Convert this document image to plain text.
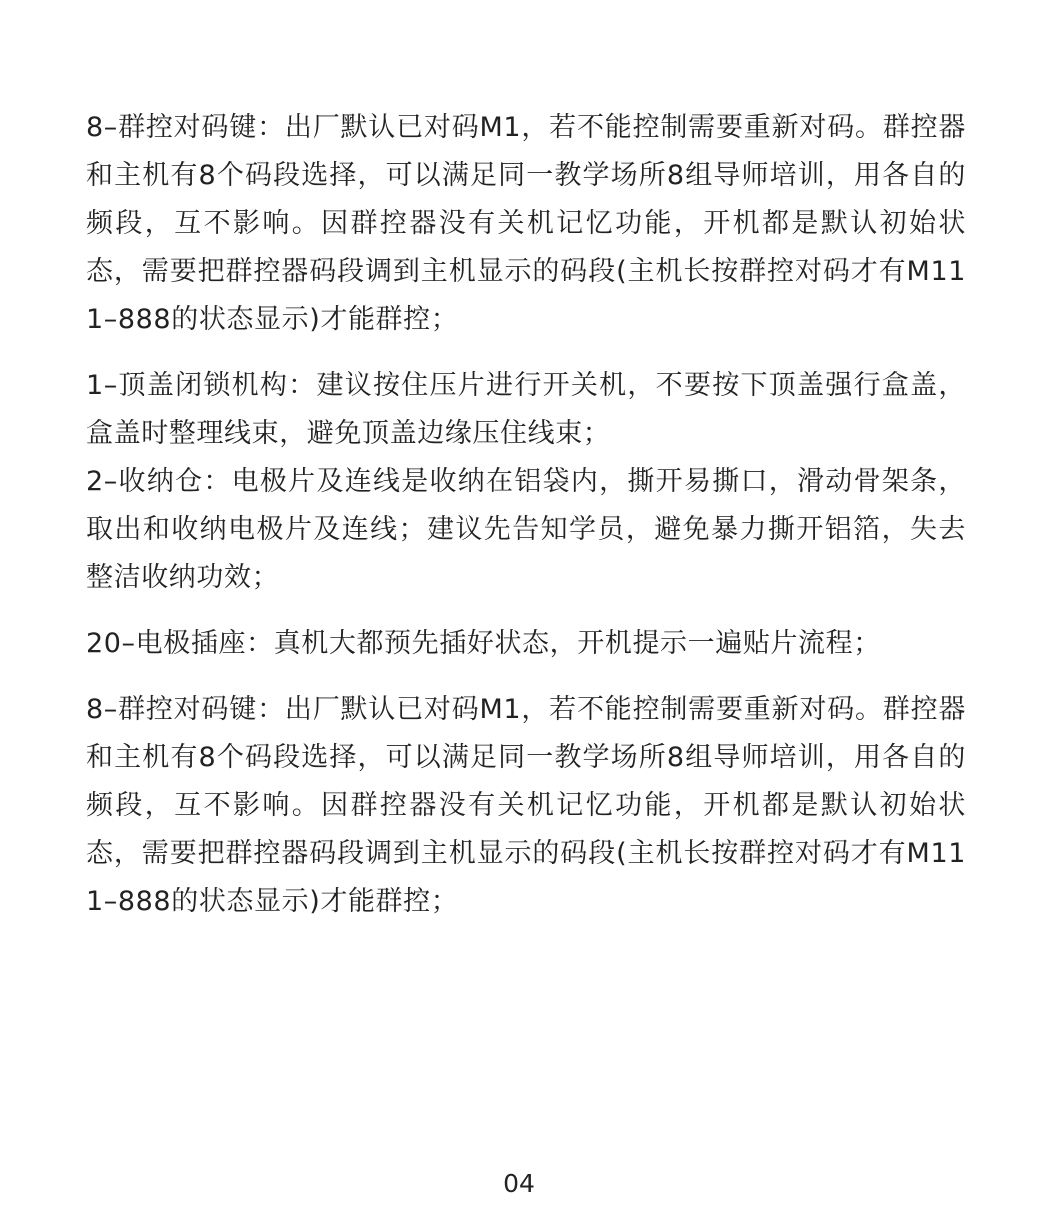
8–群控对码键：出厂默认已对码M1，若不能控制需要重新对码。群控器和主机有8个码段选择，可以满足同一教学场所8组导师培训，用各自的频段，互不影响。因群控器没有关机记忆功能，开机都是默认初始状态，需要把群控器码段调到主机显示的码段(主机长按群控对码才有M111–888的状态显示)才能群控；

1–顶盖闭锁机构：建议按住压片进行开关机，不要按下顶盖强行盒盖，盒盖时整理线束，避免顶盖边缘压住线束；

2–收纳仓：电极片及连线是收纳在铝袋内，撕开易撕口，滑动骨架条，取出和收纳电极片及连线；建议先告知学员，避免暴力撕开铝箔，失去整洁收纳功效；

20–电极插座：真机大都预先插好状态，开机提示一遍贴片流程；

8–群控对码键：出厂默认已对码M1，若不能控制需要重新对码。群控器和主机有8个码段选择，可以满足同一教学场所8组导师培训，用各自的频段，互不影响。因群控器没有关机记忆功能，开机都是默认初始状态，需要把群控器码段调到主机显示的码段(主机长按群控对码才有M111–888的状态显示)才能群控；

04
